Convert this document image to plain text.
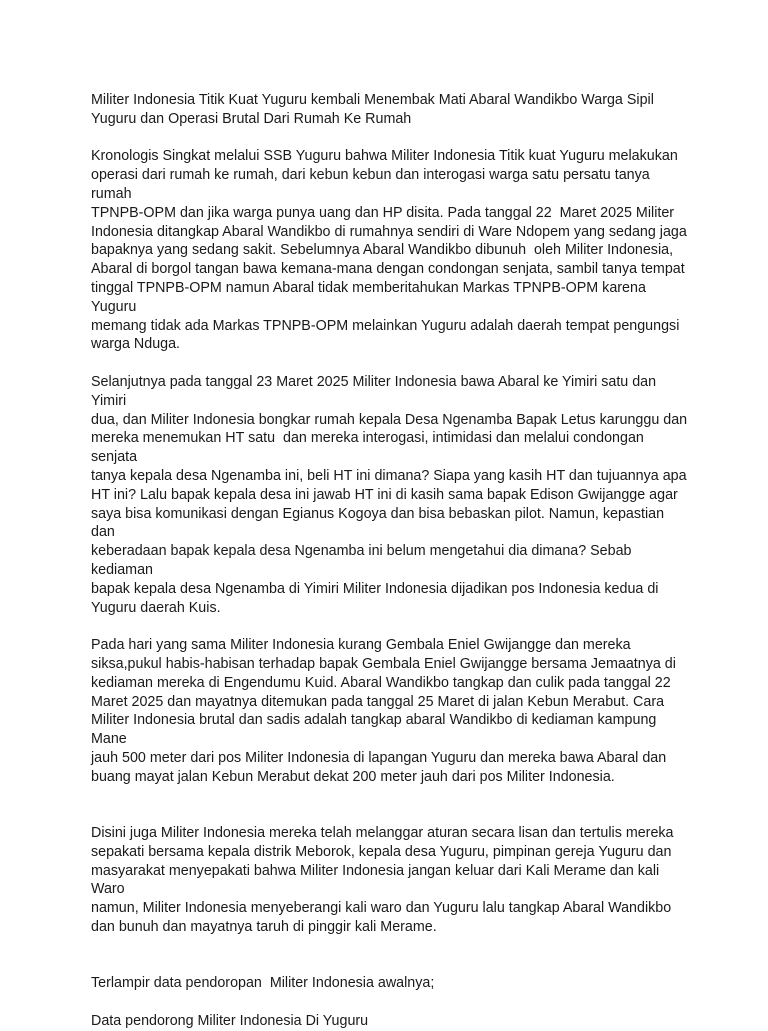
Militer Indonesia Titik Kuat Yuguru kembali Menembak Mati Abaral Wandikbo Warga Sipil

Yuguru dan Operasi Brutal Dari Rumah Ke Rumah

Kronologis Singkat melalui SSB Yuguru bahwa Militer Indonesia Titik kuat Yuguru melakukan

operasi dari rumah ke rumah, dari kebun kebun dan interogasi warga satu persatu tanya rumah

TPNPB-OPM dan jika warga punya uang dan HP disita. Pada tanggal 22  Maret 2025 Militer

Indonesia ditangkap Abaral Wandikbo di rumahnya sendiri di Ware Ndopem yang sedang jaga

bapaknya yang sedang sakit. Sebelumnya Abaral Wandikbo dibunuh  oleh Militer Indonesia,

Abaral di borgol tangan bawa kemana-mana dengan condongan senjata, sambil tanya tempat

tinggal TPNPB-OPM namun Abaral tidak memberitahukan Markas TPNPB-OPM karena Yuguru

memang tidak ada Markas TPNPB-OPM melainkan Yuguru adalah daerah tempat pengungsi

warga Nduga.

Selanjutnya pada tanggal 23 Maret 2025 Militer Indonesia bawa Abaral ke Yimiri satu dan Yimiri

dua, dan Militer Indonesia bongkar rumah kepala Desa Ngenamba Bapak Letus karunggu dan

mereka menemukan HT satu  dan mereka interogasi, intimidasi dan melalui condongan senjata

tanya kepala desa Ngenamba ini, beli HT ini dimana? Siapa yang kasih HT dan tujuannya apa

HT ini? Lalu bapak kepala desa ini jawab HT ini di kasih sama bapak Edison Gwijangge agar

saya bisa komunikasi dengan Egianus Kogoya dan bisa bebaskan pilot. Namun, kepastian dan

keberadaan bapak kepala desa Ngenamba ini belum mengetahui dia dimana? Sebab kediaman

bapak kepala desa Ngenamba di Yimiri Militer Indonesia dijadikan pos Indonesia kedua di

Yuguru daerah Kuis.

Pada hari yang sama Militer Indonesia kurang Gembala Eniel Gwijangge dan mereka

siksa,pukul habis-habisan terhadap bapak Gembala Eniel Gwijangge bersama Jemaatnya di

kediaman mereka di Engendumu Kuid. Abaral Wandikbo tangkap dan culik pada tanggal 22

Maret 2025 dan mayatnya ditemukan pada tanggal 25 Maret di jalan Kebun Merabut. Cara

Militer Indonesia brutal dan sadis adalah tangkap abaral Wandikbo di kediaman kampung Mane

jauh 500 meter dari pos Militer Indonesia di lapangan Yuguru dan mereka bawa Abaral dan

buang mayat jalan Kebun Merabut dekat 200 meter jauh dari pos Militer Indonesia.

Disini juga Militer Indonesia mereka telah melanggar aturan secara lisan dan tertulis mereka

sepakati bersama kepala distrik Meborok, kepala desa Yuguru, pimpinan gereja Yuguru dan

masyarakat menyepakati bahwa Militer Indonesia jangan keluar dari Kali Merame dan kali Waro

namun, Militer Indonesia menyeberangi kali waro dan Yuguru lalu tangkap Abaral Wandikbo

dan bunuh dan mayatnya taruh di pinggir kali Merame.

Terlampir data pendoropan  Militer Indonesia awalnya;

Data pendorong Militer Indonesia Di Yuguru
